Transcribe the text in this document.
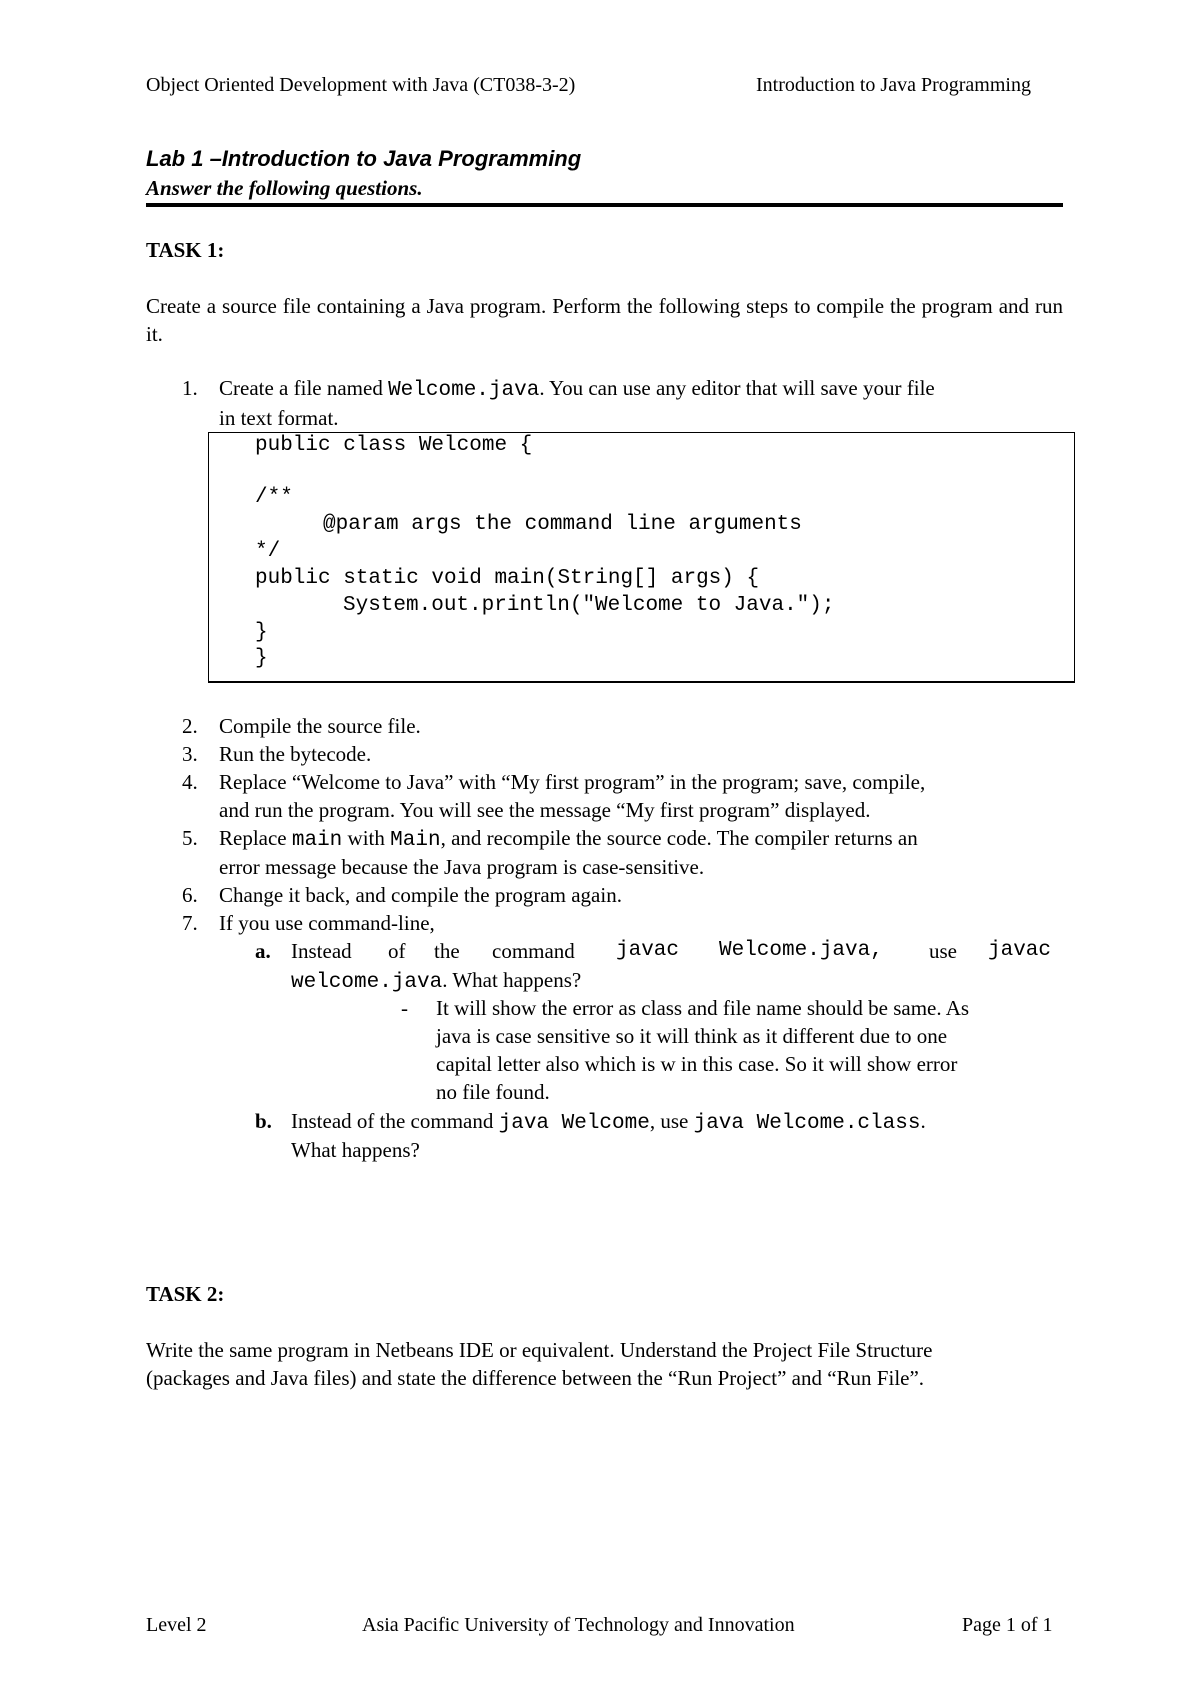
Object Oriented Development with Java (CT038-3-2)	Introduction to Java Programming
Lab 1 –Introduction to Java Programming
Answer the following questions.
TASK 1:
Create a source file containing a Java program. Perform the following steps to compile the program and run it.
1. Create a file named Welcome.java. You can use any editor that will save your file
in text format.
public class Welcome {
/**
@param args the command line arguments
*/
public static void main(String[] args) {
System.out.println("Welcome to Java.");
}
}
2. Compile the source file.
3. Run the bytecode.
4. Replace “Welcome to Java” with “My first program” in the program; save, compile,
and run the program. You will see the message “My first program” displayed.
5. Replace main with Main, and recompile the source code. The compiler returns an
error message because the Java program is case-sensitive.
6. Change it back, and compile the program again.
7. If you use command-line,
a. Instead of the command javac Welcome.java, use javac
welcome.java. What happens?
- It will show the error as class and file name should be same. As
java is case sensitive so it will think as it different due to one
capital letter also which is w in this case. So it will show error
no file found.
b. Instead of the command java Welcome, use java Welcome.class.
What happens?
TASK 2:
Write the same program in Netbeans IDE or equivalent. Understand the Project File Structure
(packages and Java files) and state the difference between the “Run Project” and “Run File”.
Level 2	Asia Pacific University of Technology and Innovation	Page 1 of 1
